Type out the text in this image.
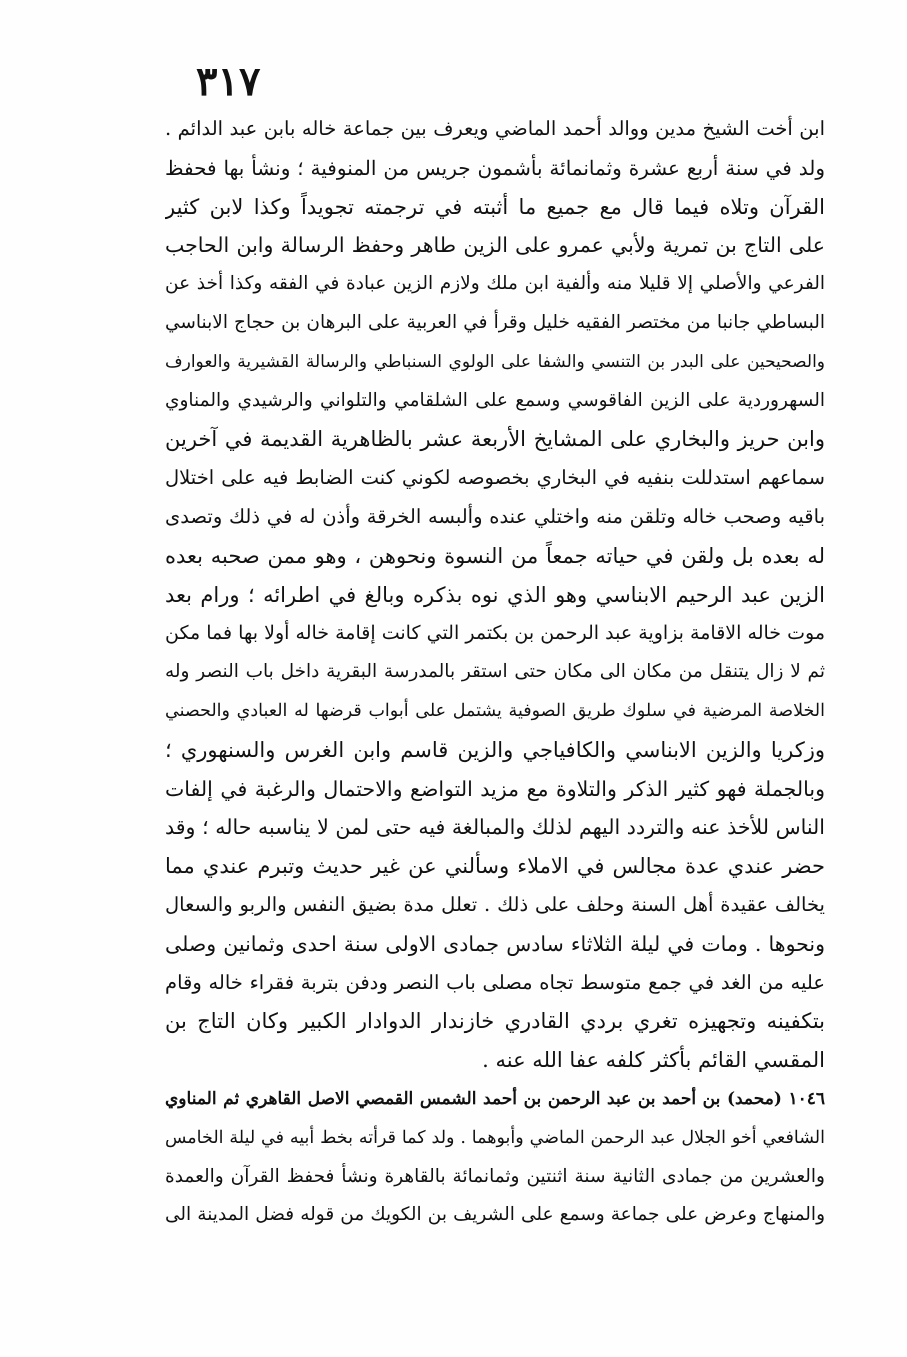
٣١٧
ابن أخت الشيخ مدين ووالد أحمد الماضي ويعرف بين جماعة خاله بابن عبد الدائم .
ولد في سنة أربع عشرة وثمانمائة بأشمون جريس من المنوفية ؛ ونشأ بها فحفظ
القرآن وتلاه فيما قال مع جميع ما أثبته في ترجمته تجويداً وكذا لابن كثير
على التاج بن تمرية ولأبي عمرو على الزين طاهر وحفظ الرسالة وابن الحاجب
الفرعي والأصلي إلا قليلا منه وألفية ابن ملك ولازم الزين عبادة في الفقه وكذا أخذ عن
البساطي جانبا من مختصر الفقيه خليل وقرأ في العربية على البرهان بن حجاج الابناسي
والصحيحين على البدر بن التنسي والشفا على الولوي السنباطي والرسالة القشيرية والعوارف
السهروردية على الزين الفاقوسي وسمع على الشلقامي والتلواني والرشيدي والمناوي
وابن حريز والبخاري على المشايخ الأربعة عشر بالظاهرية القديمة في آخرين
سماعهم استدللت بنفيه في البخاري بخصوصه لكوني كنت الضابط فيه على اختلال
باقيه وصحب خاله وتلقن منه واختلي عنده وألبسه الخرقة وأذن له في ذلك وتصدى
له بعده بل ولقن في حياته جمعاً من النسوة ونحوهن ، وهو ممن صحبه بعده
الزين عبد الرحيم الابناسي وهو الذي نوه بذكره وبالغ في اطرائه ؛ ورام بعد
موت خاله الاقامة بزاوية عبد الرحمن بن بكتمر التي كانت إقامة خاله أولا بها فما مكن
ثم لا زال يتنقل من مكان الى مكان حتى استقر بالمدرسة البقرية داخل باب النصر وله
الخلاصة المرضية في سلوك طريق الصوفية يشتمل على أبواب قرضها له العبادي والحصني
وزكريا والزين الابناسي والكافياجي والزين قاسم وابن الغرس والسنهوري ؛
وبالجملة فهو كثير الذكر والتلاوة مع مزيد التواضع والاحتمال والرغبة في إلفات
الناس للأخذ عنه والتردد اليهم لذلك والمبالغة فيه حتى لمن لا يناسبه حاله ؛ وقد
حضر عندي عدة مجالس في الاملاء وسألني عن غير حديث وتبرم عندي مما
يخالف عقيدة أهل السنة وحلف على ذلك . تعلل مدة بضيق النفس والربو والسعال
ونحوها . ومات في ليلة الثلاثاء سادس جمادى الاولى سنة احدى وثمانين وصلى
عليه من الغد في جمع متوسط تجاه مصلى باب النصر ودفن بتربة فقراء خاله وقام
بتكفينه وتجهيزه تغري بردي القادري خازندار الدوادار الكبير وكان التاج بن
المقسي القائم بأكثر كلفه عفا الله عنه .
١٠٤٦ (محمد) بن أحمد بن عبد الرحمن بن أحمد الشمس القمصي الاصل القاهري ثم المناوي
الشافعي أخو الجلال عبد الرحمن الماضي وأبوهما . ولد كما قرأته بخط أبيه في ليلة الخامس
والعشرين من جمادى الثانية سنة اثنتين وثمانمائة بالقاهرة ونشأ فحفظ القرآن والعمدة
والمنهاج وعرض على جماعة وسمع على الشريف بن الكويك من قوله فضل المدينة الى
